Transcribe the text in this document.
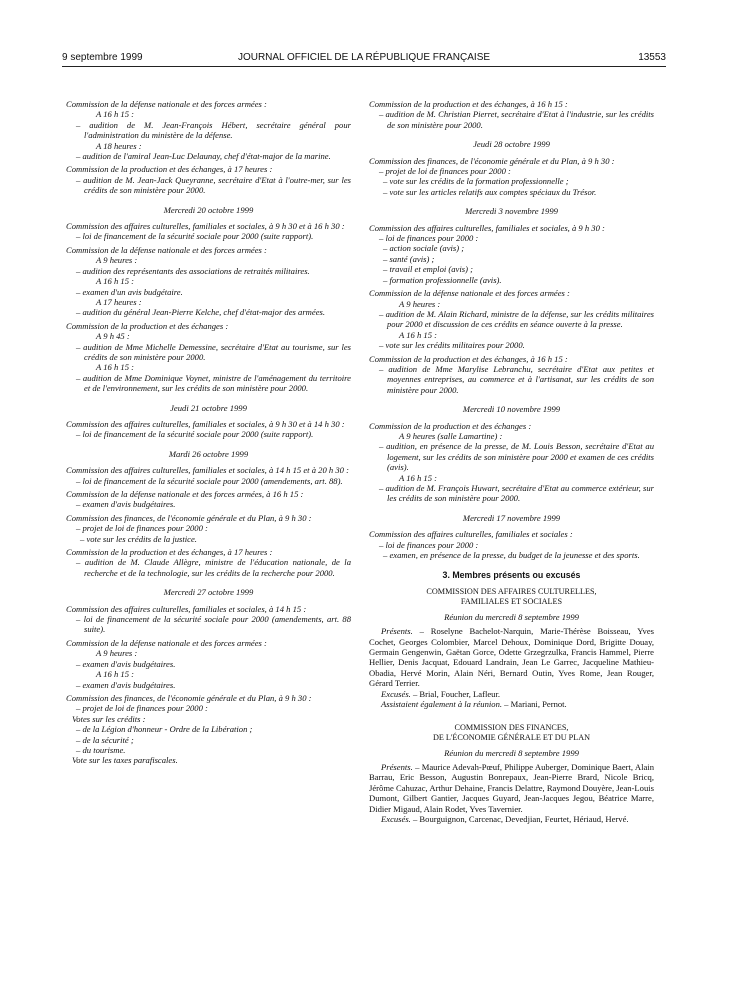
9 septembre 1999	JOURNAL OFFICIEL DE LA RÉPUBLIQUE FRANÇAISE	13553

Commission de la défense nationale et des forces armées :

A 16 h 15 :

– audition de M. Jean-François Hébert, secrétaire général pour l'administration du ministère de la défense.

A 18 heures :

– audition de l'amiral Jean-Luc Delaunay, chef d'état-major de la marine.

Commission de la production et des échanges, à 17 heures :

– audition de M. Jean-Jack Queyranne, secrétaire d'Etat à l'outre-mer, sur les crédits de son ministère pour 2000.

Mercredi 20 octobre 1999

Commission des affaires culturelles, familiales et sociales, à 9 h 30 et à 16 h 30 :

– loi de financement de la sécurité sociale pour 2000 (suite rapport).

Commission de la défense nationale et des forces armées :

A 9 heures :

– audition des représentants des associations de retraités militaires.

A 16 h 15 :

– examen d'un avis budgétaire.

A 17 heures :

– audition du général Jean-Pierre Kelche, chef d'état-major des armées.

Commission de la production et des échanges :

A 9 h 45 :

– audition de Mme Michelle Demessine, secrétaire d'Etat au tourisme, sur les crédits de son ministère pour 2000.

A 16 h 15 :

– audition de Mme Dominique Voynet, ministre de l'aménagement du territoire et de l'environnement, sur les crédits de son ministère pour 2000.

Jeudi 21 octobre 1999

Commission des affaires culturelles, familiales et sociales, à 9 h 30 et à 14 h 30 :

– loi de financement de la sécurité sociale pour 2000 (suite rapport).

Mardi 26 octobre 1999

Commission des affaires culturelles, familiales et sociales, à 14 h 15 et à 20 h 30 :

– loi de financement de la sécurité sociale pour 2000 (amendements, art. 88).

Commission de la défense nationale et des forces armées, à 16 h 15 :

– examen d'avis budgétaires.

Commission des finances, de l'économie générale et du Plan, à 9 h 30 :

– projet de loi de finances pour 2000 :

– vote sur les crédits de la justice.

Commission de la production et des échanges, à 17 heures :

– audition de M. Claude Allègre, ministre de l'éducation nationale, de la recherche et de la technologie, sur les crédits de la recherche pour 2000.

Mercredi 27 octobre 1999

Commission des affaires culturelles, familiales et sociales, à 14 h 15 :

– loi de financement de la sécurité sociale pour 2000 (amendements, art. 88 suite).

Commission de la défense nationale et des forces armées :

A 9 heures :

– examen d'avis budgétaires.

A 16 h 15 :

– examen d'avis budgétaires.

Commission des finances, de l'économie générale et du Plan, à 9 h 30 :

– projet de loi de finances pour 2000 :

Votes sur les crédits :

– de la Légion d'honneur - Ordre de la Libération ;

– de la sécurité ;

– du tourisme.

Vote sur les taxes parafiscales.

Commission de la production et des échanges, à 16 h 15 :

– audition de M. Christian Pierret, secrétaire d'Etat à l'industrie, sur les crédits de son ministère pour 2000.

Jeudi 28 octobre 1999

Commission des finances, de l'économie générale et du Plan, à 9 h 30 :

– projet de loi de finances pour 2000 :

– vote sur les crédits de la formation professionnelle ;

– vote sur les articles relatifs aux comptes spéciaux du Trésor.

Mercredi 3 novembre 1999

Commission des affaires culturelles, familiales et sociales, à 9 h 30 :

– loi de finances pour 2000 :

– action sociale (avis) ;

– santé (avis) ;

– travail et emploi (avis) ;

– formation professionnelle (avis).

Commission de la défense nationale et des forces armées :

A 9 heures :

– audition de M. Alain Richard, ministre de la défense, sur les crédits militaires pour 2000 et discussion de ces crédits en séance ouverte à la presse.

A 16 h 15 :

– vote sur les crédits militaires pour 2000.

Commission de la production et des échanges, à 16 h 15 :

– audition de Mme Marylise Lebranchu, secrétaire d'Etat aux petites et moyennes entreprises, au commerce et à l'artisanat, sur les crédits de son ministère pour 2000.

Mercredi 10 novembre 1999

Commission de la production et des échanges :

A 9 heures (salle Lamartine) :

– audition, en présence de la presse, de M. Louis Besson, secrétaire d'Etat au logement, sur les crédits de son ministère pour 2000 et examen de ces crédits (avis).

A 16 h 15 :

– audition de M. François Huwart, secrétaire d'Etat au commerce extérieur, sur les crédits de son ministère pour 2000.

Mercredi 17 novembre 1999

Commission des affaires culturelles, familiales et sociales :

– loi de finances pour 2000 :

– examen, en présence de la presse, du budget de la jeunesse et des sports.

3. Membres présents ou excusés

COMMISSION DES AFFAIRES CULTURELLES,

FAMILIALES ET SOCIALES

Réunion du mercredi 8 septembre 1999

Présents. – Roselyne Bachelot-Narquin, Marie-Thérèse Boisseau, Yves Cochet, Georges Colombier, Marcel Dehoux, Dominique Dord, Brigitte Douay, Germain Gengenwin, Gaëtan Gorce, Odette Grzegrzulka, Francis Hammel, Pierre Hellier, Denis Jacquat, Edouard Landrain, Jean Le Garrec, Jacqueline Mathieu-Obadia, Hervé Morin, Alain Néri, Bernard Outin, Yves Rome, Jean Rouger, Gérard Terrier.

Excusés. – Brial, Foucher, Lafleur.

Assistaient également à la réunion. – Mariani, Pernot.

COMMISSION DES FINANCES,

DE L'ÉCONOMIE GÉNÉRALE ET DU PLAN

Réunion du mercredi 8 septembre 1999

Présents. – Maurice Adevah-Pœuf, Philippe Auberger, Dominique Baert, Alain Barrau, Eric Besson, Augustin Bonrepaux, Jean-Pierre Brard, Nicole Bricq, Jérôme Cahuzac, Arthur Dehaine, Francis Delattre, Raymond Douyère, Jean-Louis Dumont, Gilbert Gantier, Jacques Guyard, Jean-Jacques Jegou, Béatrice Marre, Didier Migaud, Alain Rodet, Yves Tavernier.

Excusés. – Bourguignon, Carcenac, Devedjian, Feurtet, Hériaud, Hervé.
